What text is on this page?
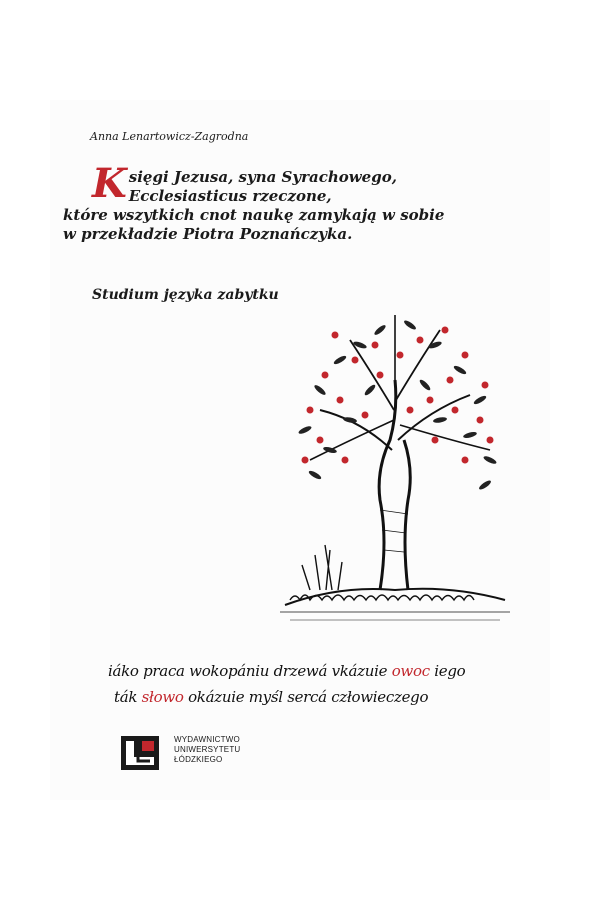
Anna Lenartowicz-Zagrodna
K sięgi Jezusa, syna Syrachowego,
Ecclesiasticus rzeczone,
które wszytkich cnot naukę zamykają w sobie
w przekładzie Piotra Poznańczyka.
Studium języka zabytku
iáko praca wokopániu drzewá vkázuie owoc iego
ták słowo okázuie myśl sercá człowieczego
WYDAWNICTWO
UNIWERSYTETU
ŁÓDZKIEGO
